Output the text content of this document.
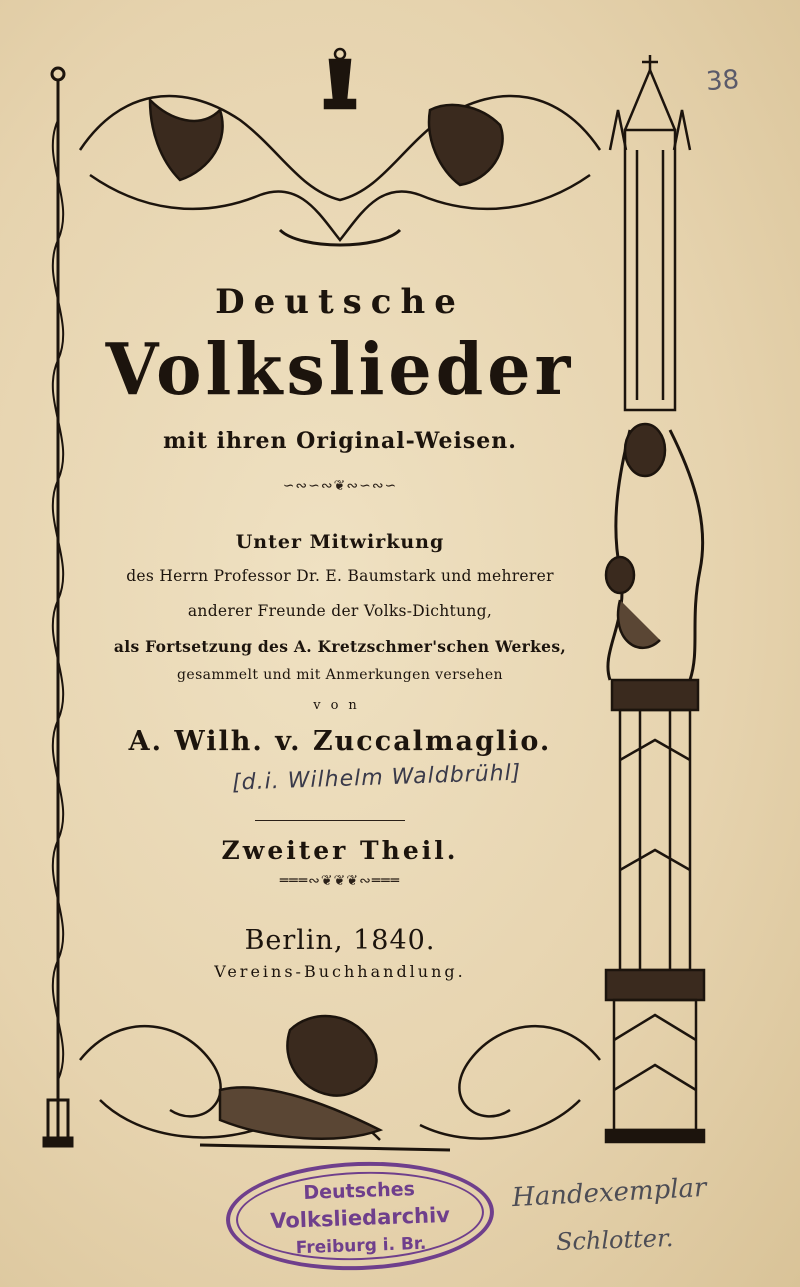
38
Deutsche
Volkslieder
mit ihren Original-Weisen.
∽∾∽∾❦∾∽∾∽
Unter Mitwirkung
des Herrn Professor Dr. E. Baumstark und mehrerer
anderer Freunde der Volks-Dichtung,
als Fortsetzung des A. Kretzschmer'schen Werkes,
gesammelt und mit Anmerkungen versehen
von
A. Wilh. v. Zuccalmaglio.
[d.i. Wilhelm Waldbrühl]
Zweiter Theil.
═══∾❦❦❦∾═══
Berlin, 1840.
Vereins-Buchhandlung.
Deutsches
Volksliedarchiv
Freiburg i. Br.
Handexemplar
Schlotter.
